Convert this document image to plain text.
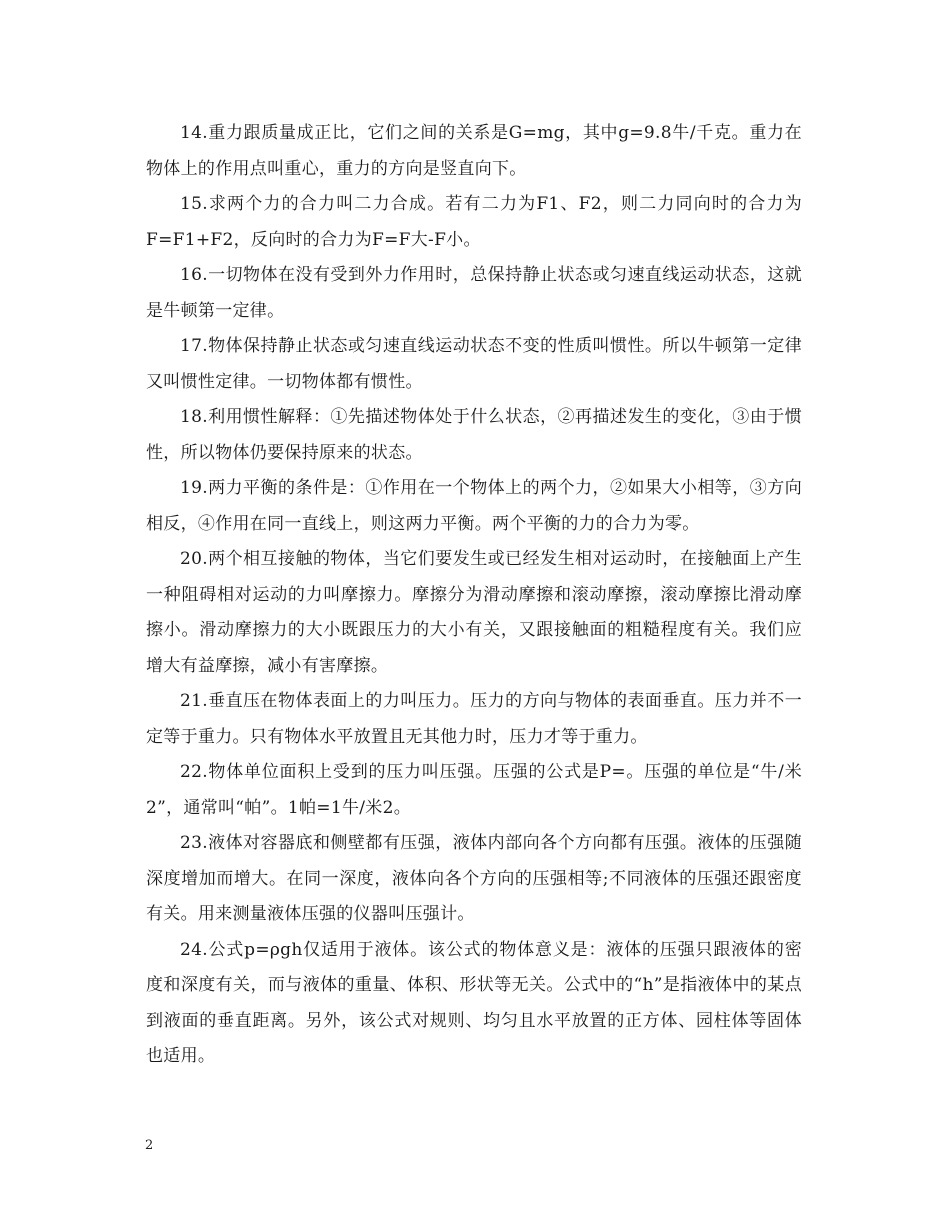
14.重力跟质量成正比，它们之间的关系是G=mg，其中g=9.8牛/千克。重力在物体上的作用点叫重心，重力的方向是竖直向下。

15.求两个力的合力叫二力合成。若有二力为F1、F2，则二力同向时的合力为F=F1+F2，反向时的合力为F=F大-F小。

16.一切物体在没有受到外力作用时，总保持静止状态或匀速直线运动状态，这就是牛顿第一定律。

17.物体保持静止状态或匀速直线运动状态不变的性质叫惯性。所以牛顿第一定律又叫惯性定律。一切物体都有惯性。

18.利用惯性解释：①先描述物体处于什么状态，②再描述发生的变化，③由于惯性，所以物体仍要保持原来的状态。

19.两力平衡的条件是：①作用在一个物体上的两个力，②如果大小相等，③方向相反，④作用在同一直线上，则这两力平衡。两个平衡的力的合力为零。

20.两个相互接触的物体，当它们要发生或已经发生相对运动时，在接触面上产生一种阻碍相对运动的力叫摩擦力。摩擦分为滑动摩擦和滚动摩擦，滚动摩擦比滑动摩擦小。滑动摩擦力的大小既跟压力的大小有关，又跟接触面的粗糙程度有关。我们应增大有益摩擦，减小有害摩擦。

21.垂直压在物体表面上的力叫压力。压力的方向与物体的表面垂直。压力并不一定等于重力。只有物体水平放置且无其他力时，压力才等于重力。

22.物体单位面积上受到的压力叫压强。压强的公式是P=。压强的单位是“牛/米2”，通常叫“帕”。1帕=1牛/米2。

23.液体对容器底和侧壁都有压强，液体内部向各个方向都有压强。液体的压强随深度增加而增大。在同一深度，液体向各个方向的压强相等;不同液体的压强还跟密度有关。用来测量液体压强的仪器叫压强计。

24.公式p=ρgh仅适用于液体。该公式的物体意义是：液体的压强只跟液体的密度和深度有关，而与液体的重量、体积、形状等无关。公式中的“h”是指液体中的某点到液面的垂直距离。另外，该公式对规则、均匀且水平放置的正方体、园柱体等固体也适用。

2
